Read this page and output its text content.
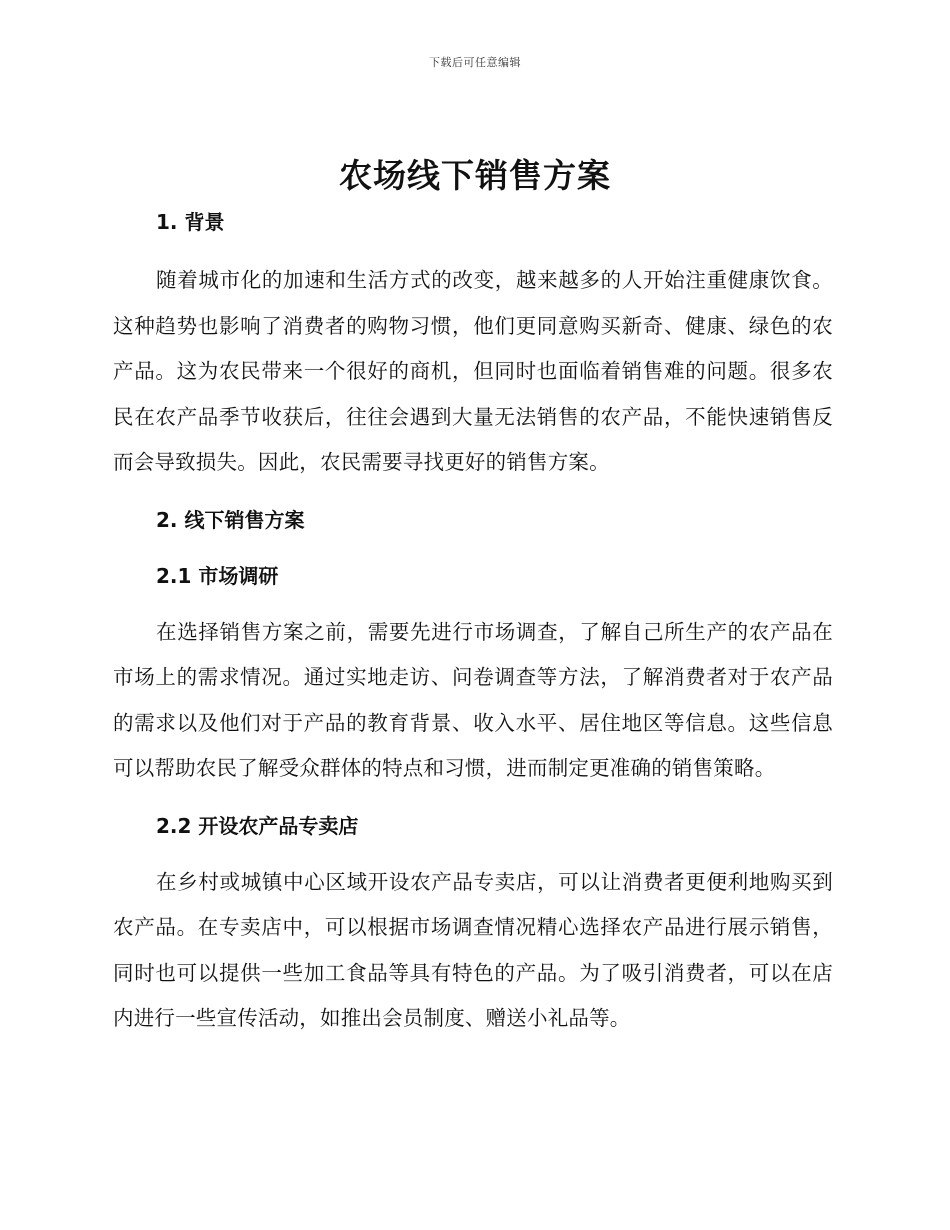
下载后可任意编辑
农场线下销售方案
1. 背景

随着城市化的加速和生活方式的改变，越来越多的人开始注重健康饮食。这种趋势也影响了消费者的购物习惯，他们更同意购买新奇、健康、绿色的农产品。这为农民带来一个很好的商机，但同时也面临着销售难的问题。很多农民在农产品季节收获后，往往会遇到大量无法销售的农产品，不能快速销售反而会导致损失。因此，农民需要寻找更好的销售方案。

2. 线下销售方案
2.1 市场调研

在选择销售方案之前，需要先进行市场调查，了解自己所生产的农产品在市场上的需求情况。通过实地走访、问卷调查等方法，了解消费者对于农产品的需求以及他们对于产品的教育背景、收入水平、居住地区等信息。这些信息可以帮助农民了解受众群体的特点和习惯，进而制定更准确的销售策略。

2.2 开设农产品专卖店

在乡村或城镇中心区域开设农产品专卖店，可以让消费者更便利地购买到农产品。在专卖店中，可以根据市场调查情况精心选择农产品进行展示销售，同时也可以提供一些加工食品等具有特色的产品。为了吸引消费者，可以在店内进行一些宣传活动，如推出会员制度、赠送小礼品等。
